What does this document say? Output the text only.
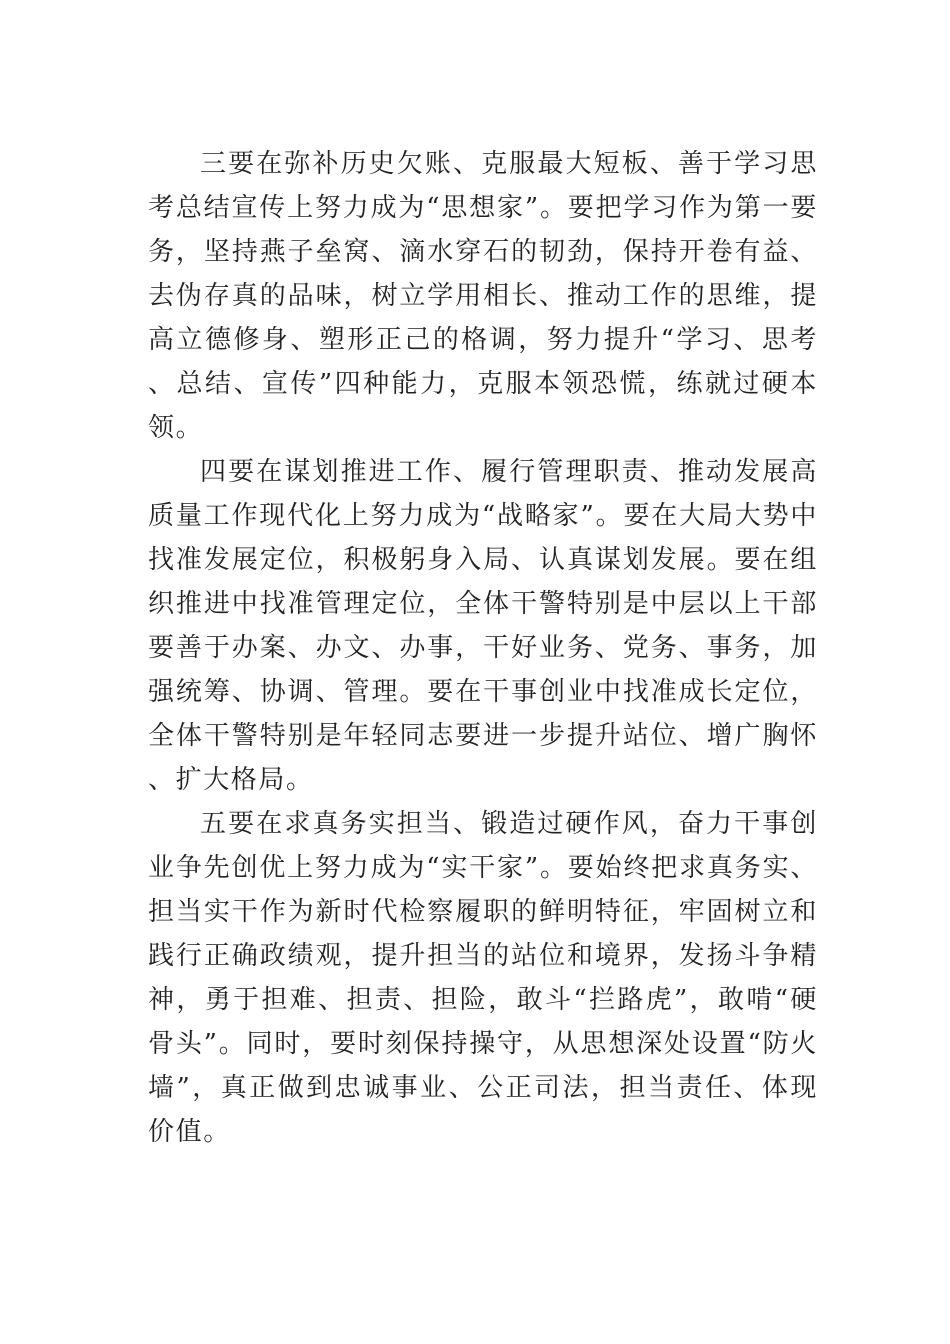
三要在弥补历史欠账、克服最大短板、善于学习思考总结宣传上努力成为“思想家”。要把学习作为第一要务，坚持燕子垒窝、滴水穿石的韧劲，保持开卷有益、去伪存真的品味，树立学用相长、推动工作的思维，提高立德修身、塑形正己的格调，努力提升“学习、思考、总结、宣传”四种能力，克服本领恐慌，练就过硬本领。

四要在谋划推进工作、履行管理职责、推动发展高质量工作现代化上努力成为“战略家”。要在大局大势中找准发展定位，积极躬身入局、认真谋划发展。要在组织推进中找准管理定位，全体干警特别是中层以上干部要善于办案、办文、办事，干好业务、党务、事务，加强统筹、协调、管理。要在干事创业中找准成长定位，全体干警特别是年轻同志要进一步提升站位、增广胸怀、扩大格局。

五要在求真务实担当、锻造过硬作风，奋力干事创业争先创优上努力成为“实干家”。要始终把求真务实、担当实干作为新时代检察履职的鲜明特征，牢固树立和践行正确政绩观，提升担当的站位和境界，发扬斗争精神，勇于担难、担责、担险，敢斗“拦路虎”，敢啃“硬骨头”。同时，要时刻保持操守，从思想深处设置“防火墙”，真正做到忠诚事业、公正司法，担当责任、体现价值。
